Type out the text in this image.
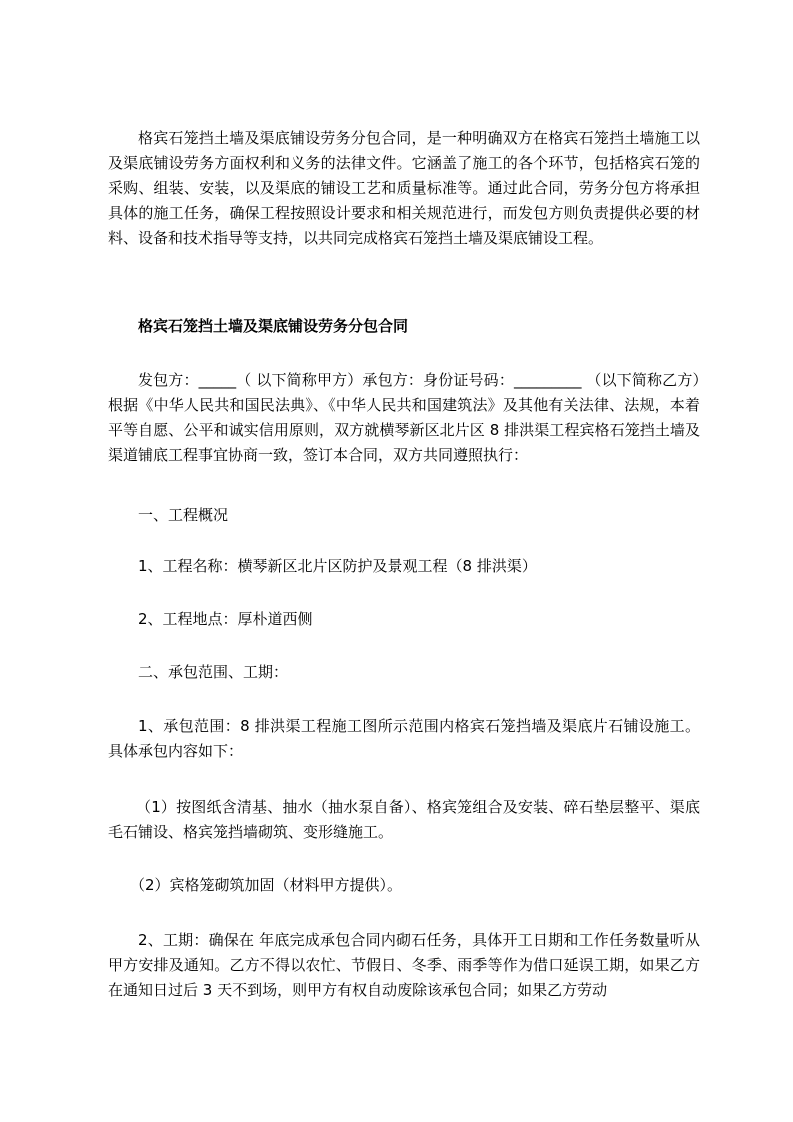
格宾石笼挡土墙及渠底铺设劳务分包合同，是一种明确双方在格宾石笼挡土墙施工以及渠底铺设劳务方面权利和义务的法律文件。它涵盖了施工的各个环节，包括格宾石笼的采购、组装、安装，以及渠底的铺设工艺和质量标准等。通过此合同，劳务分包方将承担具体的施工任务，确保工程按照设计要求和相关规范进行，而发包方则负责提供必要的材料、设备和技术指导等支持，以共同完成格宾石笼挡土墙及渠底铺设工程。

格宾石笼挡土墙及渠底铺设劳务分包合同

发包方：_____（ 以下简称甲方）承包方：身份证号码：_________ （以下简称乙方）根据《中华人民共和国民法典》、《中华人民共和国建筑法》及其他有关法律、法规，本着平等自愿、公平和诚实信用原则，双方就横琴新区北片区 8 排洪渠工程宾格石笼挡土墙及渠道铺底工程事宜协商一致，签订本合同，双方共同遵照执行：

一、工程概况

1、工程名称：横琴新区北片区防护及景观工程（8 排洪渠）

2、工程地点：厚朴道西侧

二、承包范围、工期：

1、承包范围：8 排洪渠工程施工图所示范围内格宾石笼挡墙及渠底片石铺设施工。具体承包内容如下：

（1）按图纸含清基、抽水（抽水泵自备）、格宾笼组合及安装、碎石垫层整平、渠底毛石铺设、格宾笼挡墙砌筑、变形缝施工。

（2）宾格笼砌筑加固（材料甲方提供）。

2、工期：确保在 年底完成承包合同内砌石任务，具体开工日期和工作任务数量听从甲方安排及通知。乙方不得以农忙、节假日、冬季、雨季等作为借口延误工期，如果乙方在通知日过后 3 天不到场，则甲方有权自动废除该承包合同；如果乙方劳动
